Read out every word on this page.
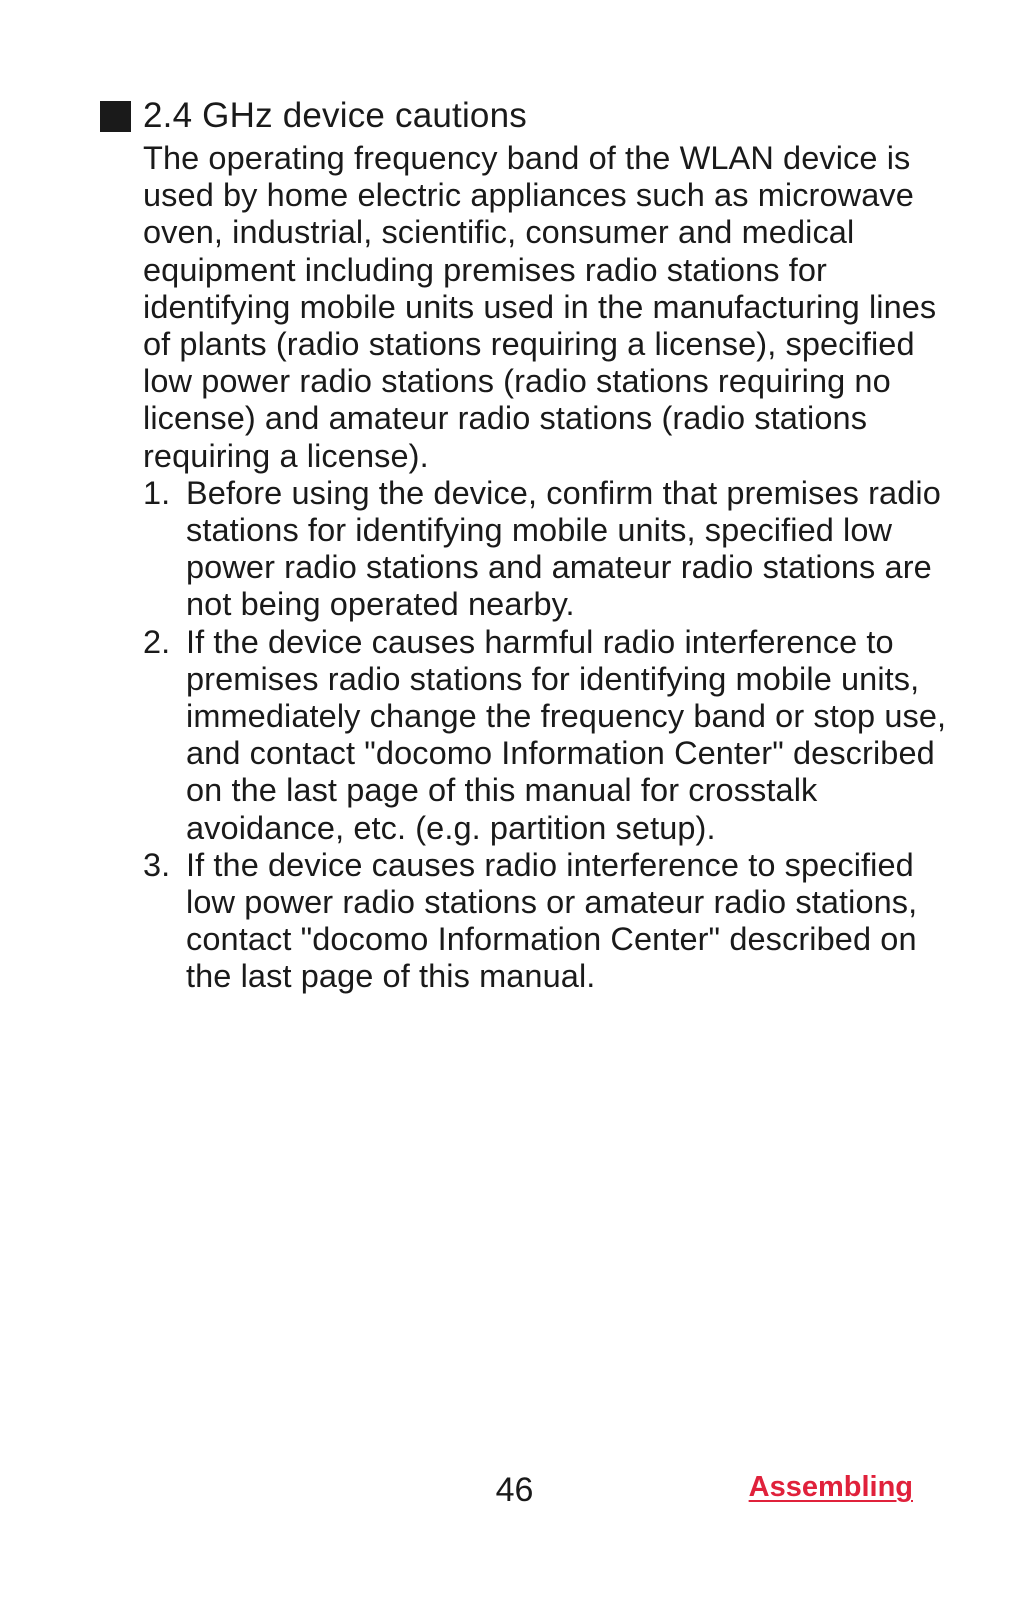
2.4 GHz device cautions

The operating frequency band of the WLAN device is used by home electric appliances such as microwave oven, industrial, scientific, consumer and medical equipment including premises radio stations for identifying mobile units used in the manufacturing lines of plants (radio stations requiring a license), specified low power radio stations (radio stations requiring no license) and amateur radio stations (radio stations requiring a license).

1. Before using the device, confirm that premises radio stations for identifying mobile units, specified low power radio stations and amateur radio stations are not being operated nearby.
2. If the device causes harmful radio interference to premises radio stations for identifying mobile units, immediately change the frequency band or stop use, and contact "docomo Information Center" described on the last page of this manual for crosstalk avoidance, etc. (e.g. partition setup).
3. If the device causes radio interference to specified low power radio stations or amateur radio stations, contact "docomo Information Center" described on the last page of this manual.
46	Assembling
